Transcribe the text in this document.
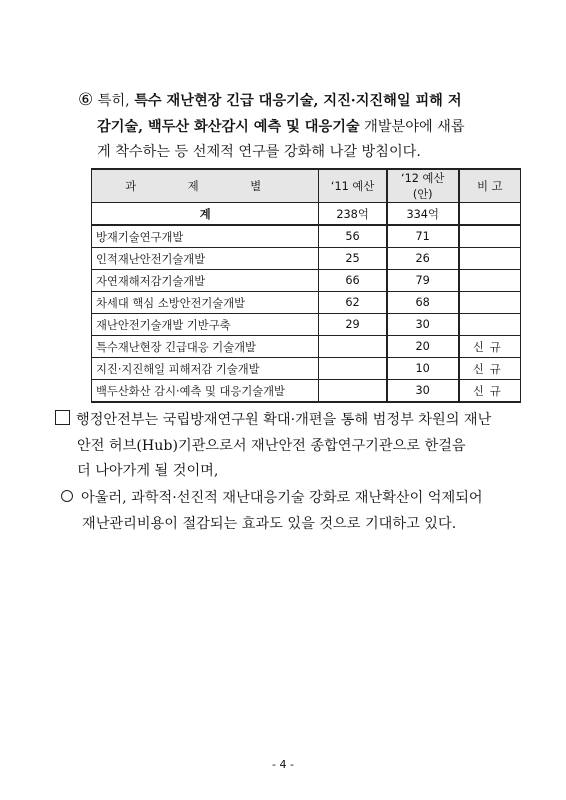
⑥ 특히, 특수 재난현장 긴급 대응기술, 지진·지진해일 피해 저
감기술, 백두산 화산감시 예측 및 대응기술 개발분야에 새롭
게 착수하는 등 선제적 연구를 강화해 나갈 방침이다.
과 제 별	‘11 예산	‘12 예산(안)	비 고
계	238억	334억	
방재기술연구개발	56	71	
인적재난안전기술개발	25	26	
자연재해저감기술개발	66	79	
차세대 핵심 소방안전기술개발	62	68	
재난안전기술개발 기반구축	29	30	
특수재난현장 긴급대응 기술개발		20	신규
지진·지진해일 피해저감 기술개발		10	신규
백두산화산 감시·예측 및 대응기술개발		30	신규
행정안전부는 국립방재연구원 확대·개편을 통해 범정부 차원의 재난
안전 허브(Hub)기관으로서 재난안전 종합연구기관으로 한걸음
더 나아가게 될 것이며,
아울러, 과학적·선진적 재난대응기술 강화로 재난확산이 억제되어
재난관리비용이 절감되는 효과도 있을 것으로 기대하고 있다.
- 4 -
